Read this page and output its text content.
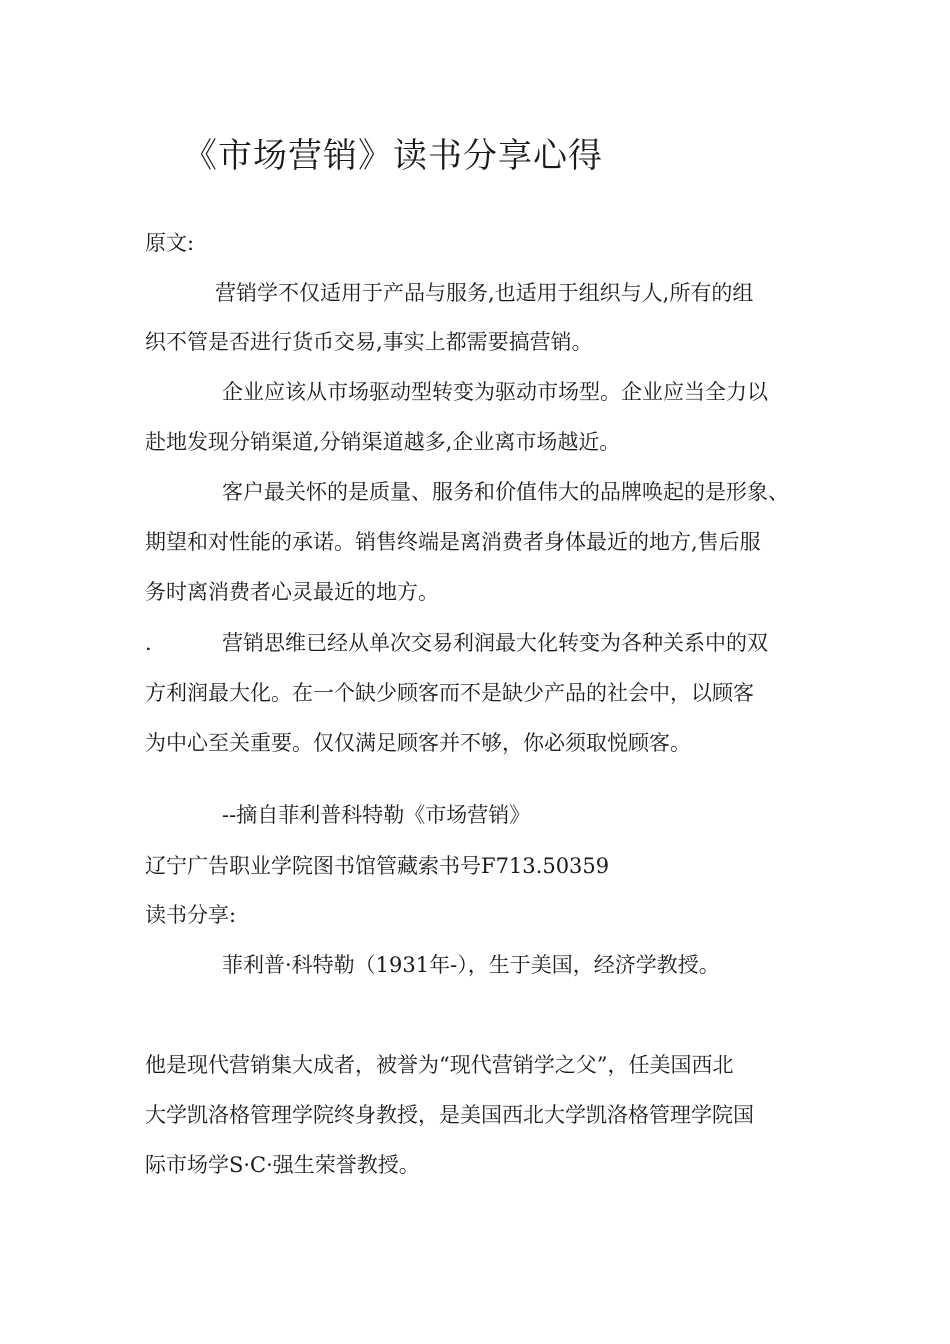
《市场营销》读书分享心得
原文:
营销学不仅适用于产品与服务,也适用于组织与人,所有的组
织不管是否进行货币交易,事实上都需要搞营销。
企业应该从市场驱动型转变为驱动市场型。企业应当全力以
赴地发现分销渠道,分销渠道越多,企业离市场越近。
客户最关怀的是质量、服务和价值伟大的品牌唤起的是形象、
期望和对性能的承诺。销售终端是离消费者身体最近的地方,售后服
务时离消费者心灵最近的地方。
.	营销思维已经从单次交易利润最大化转变为各种关系中的双
方利润最大化。在一个缺少顾客而不是缺少产品的社会中，以顾客
为中心至关重要。仅仅满足顾客并不够，你必须取悦顾客。
--摘自菲利普科特勒《市场营销》
辽宁广告职业学院图书馆管藏索书号F713.50359
读书分享:
菲利普·科特勒（1931年-），生于美国，经济学教授。
他是现代营销集大成者，被誉为“现代营销学之父”，任美国西北
大学凯洛格管理学院终身教授，是美国西北大学凯洛格管理学院国
际市场学S·C·强生荣誉教授。
